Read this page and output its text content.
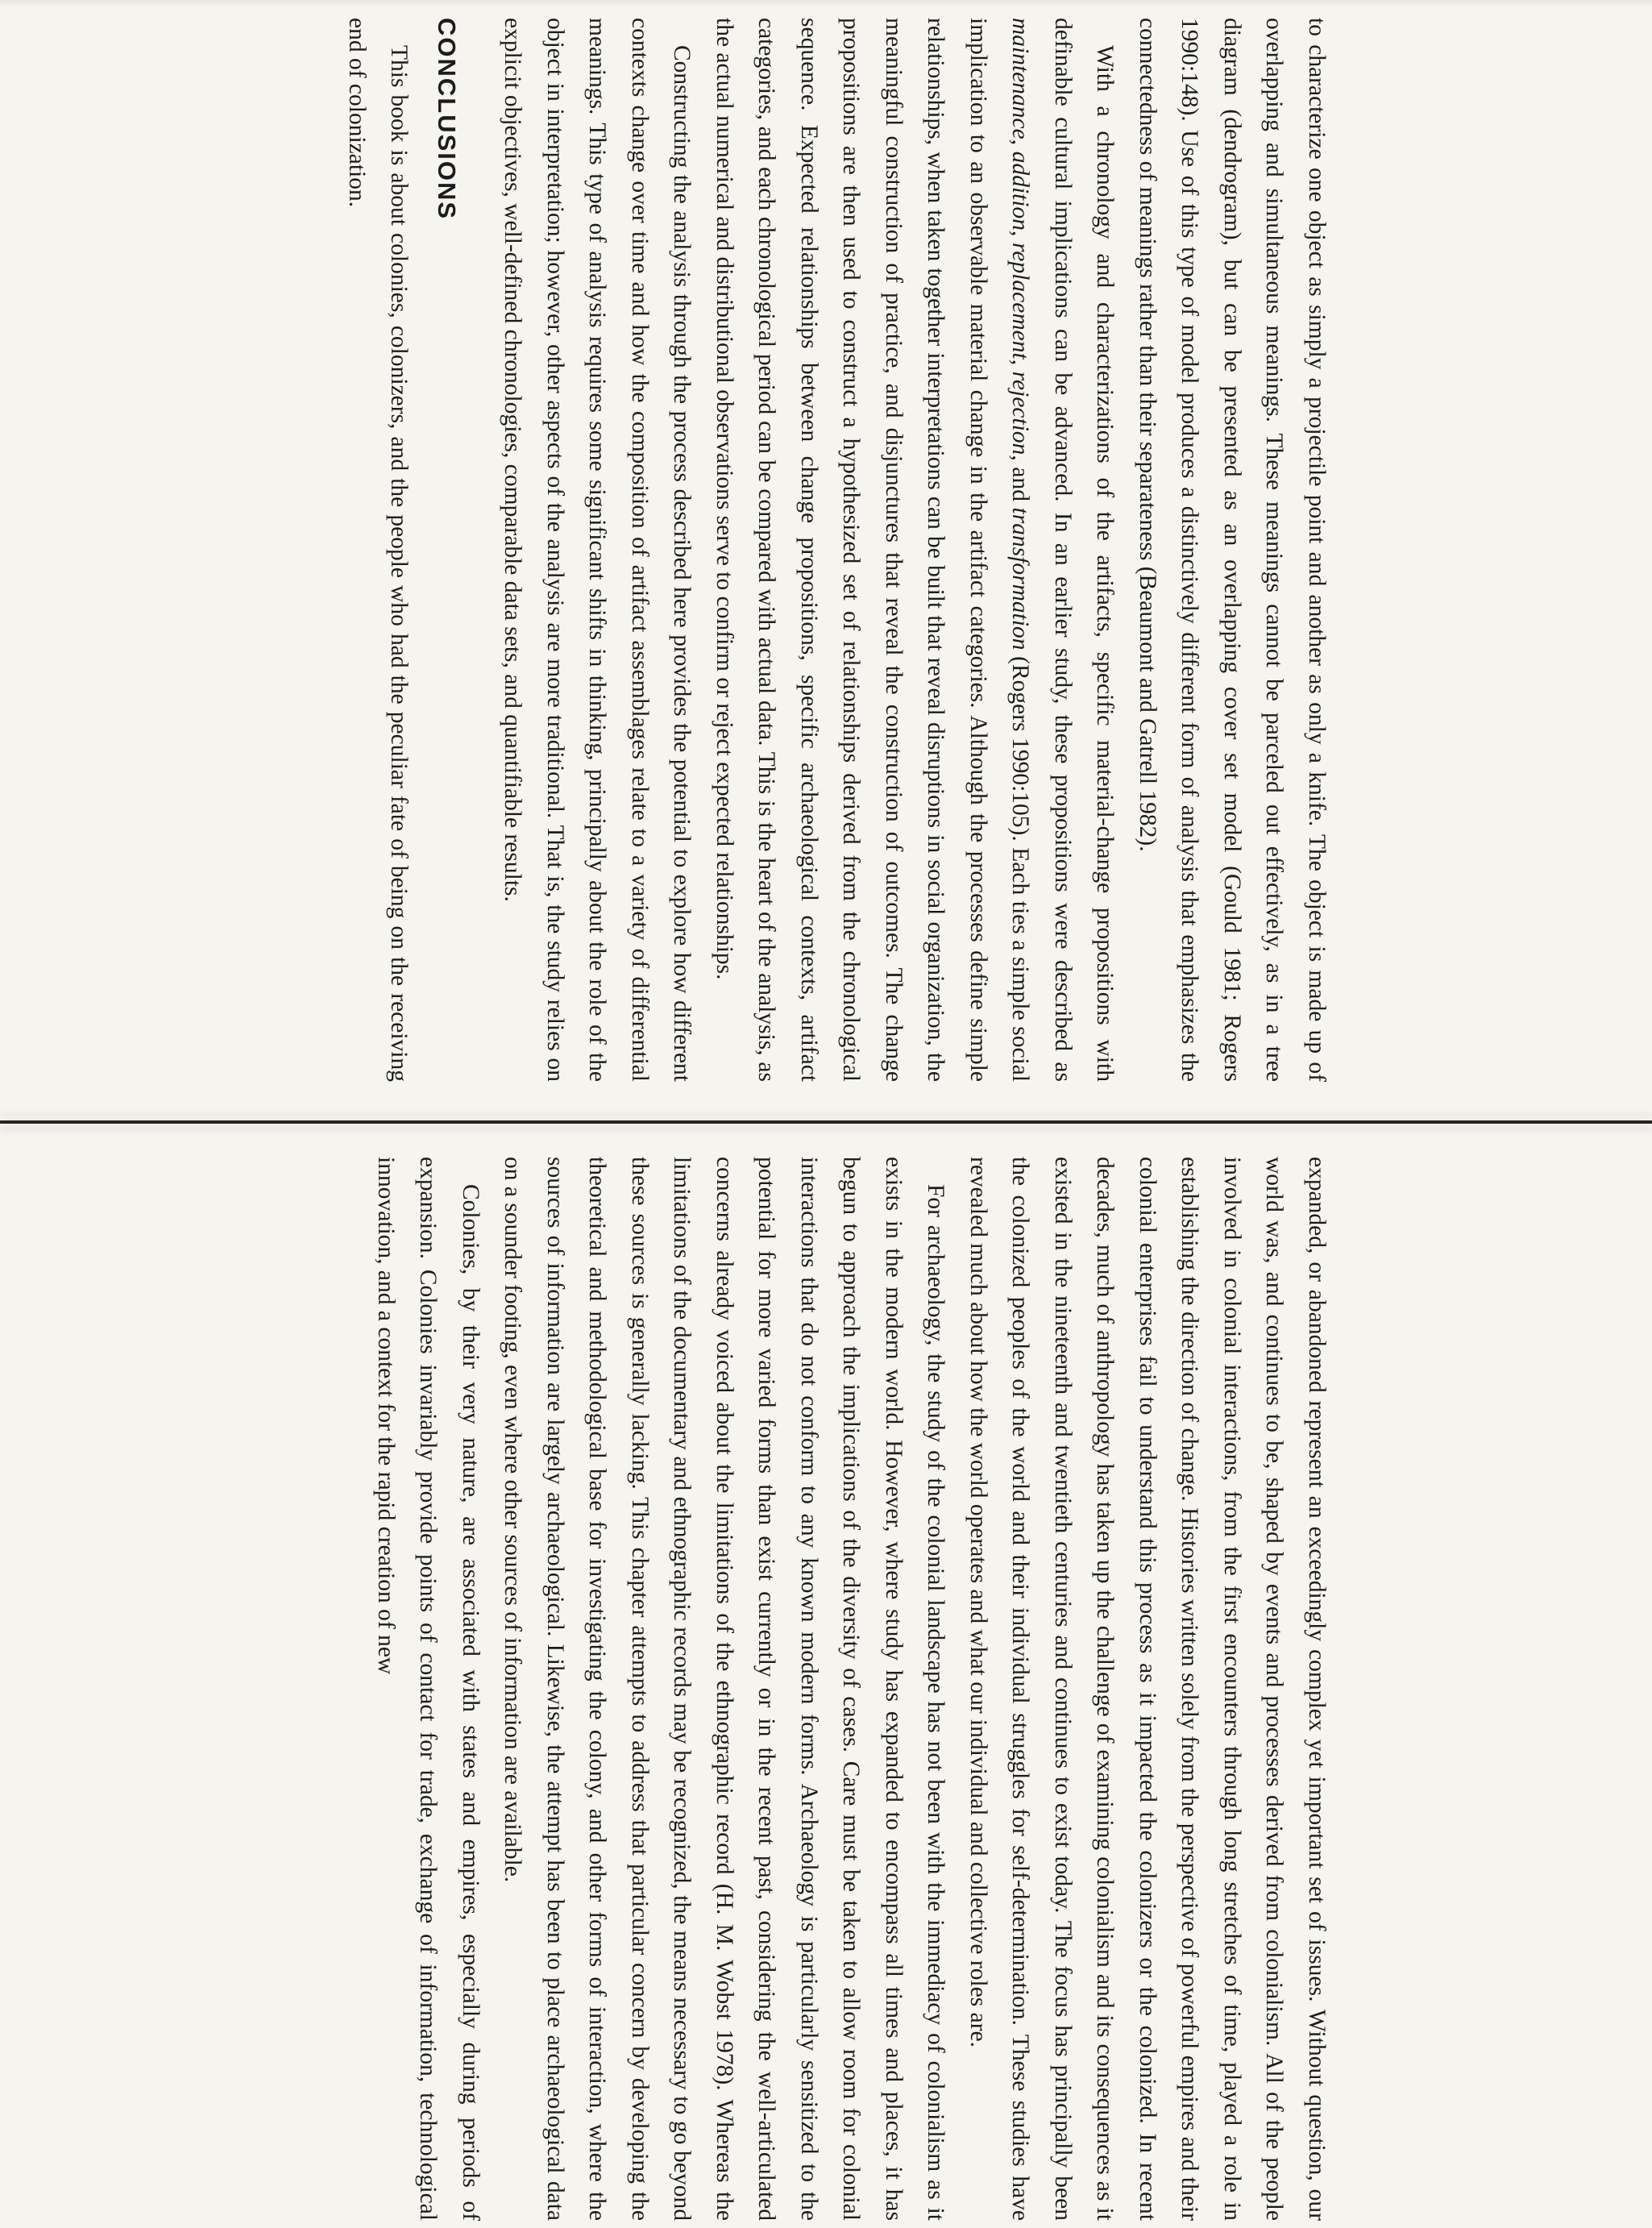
to characterize one object as simply a projectile point and another as only a knife. The object is made up of overlapping and simultaneous meanings. These meanings cannot be parceled out effectively, as in a tree diagram (dendrogram), but can be presented as an overlapping cover set model (Gould 1981; Rogers 1990:148). Use of this type of model produces a distinctively different form of analysis that emphasizes the connectedness of meanings rather than their separateness (Beaumont and Gatrell 1982).

With a chronology and characterizations of the artifacts, specific material-change propositions with definable cultural implications can be advanced. In an earlier study, these propositions were described as maintenance, addition, replacement, rejection, and transformation (Rogers 1990:105). Each ties a simple social implication to an observable material change in the artifact categories. Although the processes define simple relationships, when taken together interpretations can be built that reveal disruptions in social organization, the meaningful construction of practice, and disjunctures that reveal the construction of outcomes. The change propositions are then used to construct a hypothesized set of relationships derived from the chronological sequence. Expected relationships between change propositions, specific archaeological contexts, artifact categories, and each chronological period can be compared with actual data. This is the heart of the analysis, as the actual numerical and distributional observations serve to confirm or reject expected relationships.

Constructing the analysis through the process described here provides the potential to explore how different contexts change over time and how the composition of artifact assemblages relate to a variety of differential meanings. This type of analysis requires some significant shifts in thinking, principally about the role of the object in interpretation; however, other aspects of the analysis are more traditional. That is, the study relies on explicit objectives, well-defined chronologies, comparable data sets, and quantifiable results.

CONCLUSIONS

This book is about colonies, colonizers, and the people who had the peculiar fate of being on the receiving end of colonization.

expanded, or abandoned represent an exceedingly complex yet important set of issues. Without question, our world was, and continues to be, shaped by events and processes derived from colonialism. All of the people involved in colonial interactions, from the first encounters through long stretches of time, played a role in establishing the direction of change. Histories written solely from the perspective of powerful empires and their colonial enterprises fail to understand this process as it impacted the colonizers or the colonized. In recent decades, much of anthropology has taken up the challenge of examining colonialism and its consequences as it existed in the nineteenth and twentieth centuries and continues to exist today. The focus has principally been the colonized peoples of the world and their individual struggles for self-determination. These studies have revealed much about how the world operates and what our individual and collective roles are.

For archaeology, the study of the colonial landscape has not been with the immediacy of colonialism as it exists in the modern world. However, where study has expanded to encompass all times and places, it has begun to approach the implications of the diversity of cases. Care must be taken to allow room for colonial interactions that do not conform to any known modern forms. Archaeology is particularly sensitized to the potential for more varied forms than exist currently or in the recent past, considering the well-articulated concerns already voiced about the limitations of the ethnographic record (H. M. Wobst 1978). Whereas the limitations of the documentary and ethnographic records may be recognized, the means necessary to go beyond these sources is generally lacking. This chapter attempts to address that particular concern by developing the theoretical and methodological base for investigating the colony, and other forms of interaction, where the sources of information are largely archaeological. Likewise, the attempt has been to place archaeological data on a sounder footing, even where other sources of information are available.

Colonies, by their very nature, are associated with states and empires, especially during periods of expansion. Colonies invariably provide points of contact for trade, exchange of information, technological innovation, and a context for the rapid creation of new
